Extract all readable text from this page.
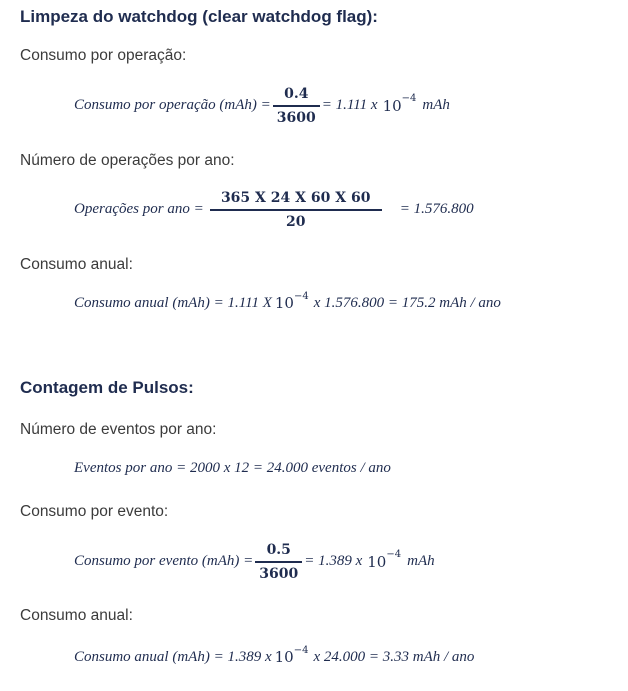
Limpeza do watchdog (clear watchdog flag):
Consumo por operação:
Consumo por operação $(mAh) = \frac{0.4}{3600} = 1.111$ x 10 −4 mAh
Número de operações por ano:
Operações por ano = $\frac{365 X 24 X 60 X 60}{20} = 1.576.800$
Consumo anual:
Consumo anual (mAh) = 1.111 X 10 −4 x 1.576.800 = 175.2 mAh / ano
Contagem de Pulsos:
Número de eventos por ano:
Eventos por ano = 2000 x 12 = 24.000 eventos / ano
Consumo por evento:
Consumo por evento $(mAh) = \frac{0.5}{3600} = 1.389$ x 10 −4 mAh
Consumo anual:
Consumo anual (mAh) = 1.389 x 10 −4 x 24.000 = 3.33 mAh / ano
